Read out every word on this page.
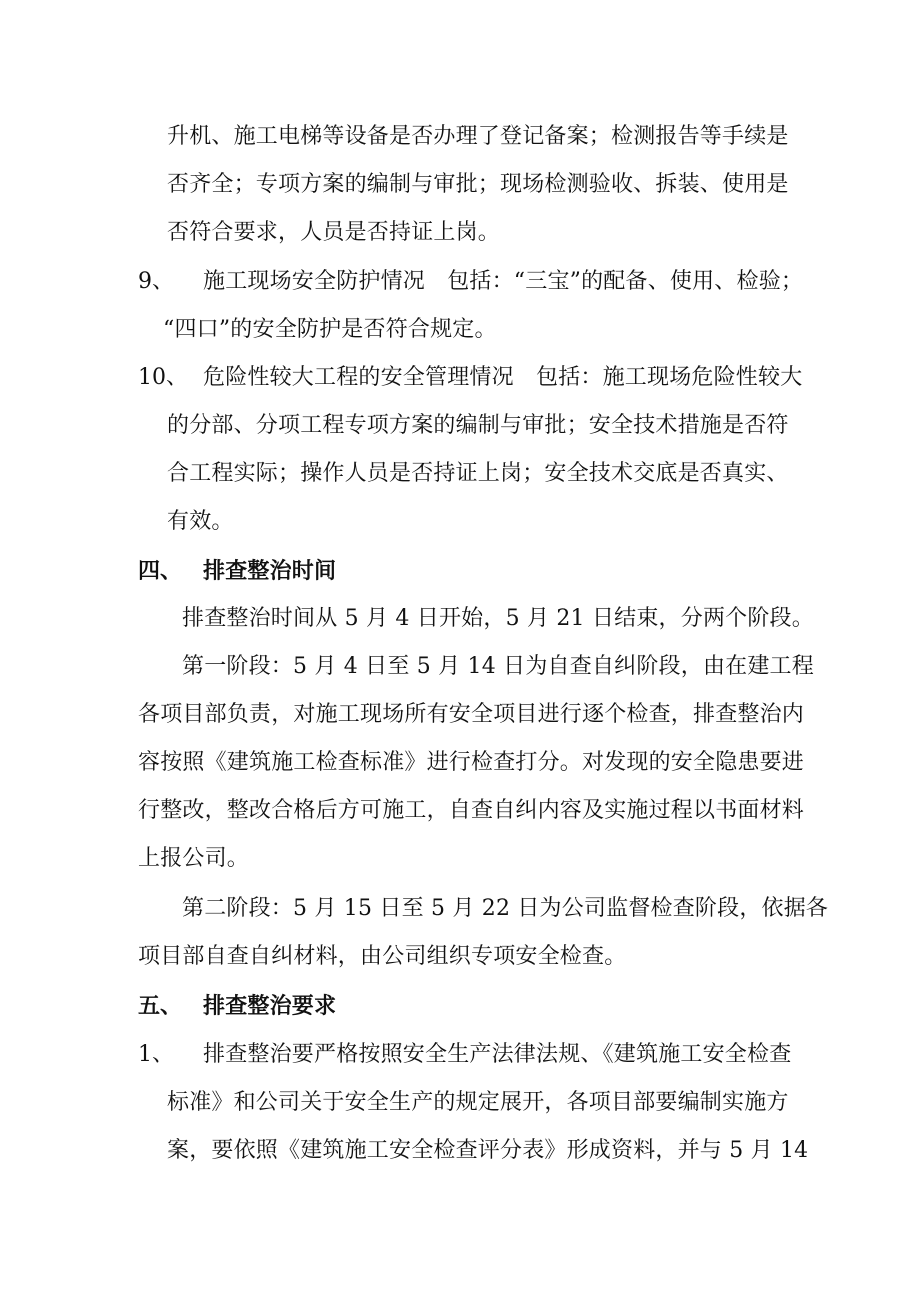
升机、施工电梯等设备是否办理了登记备案；检测报告等手续是
否齐全；专项方案的编制与审批；现场检测验收、拆装、使用是
否符合要求，人员是否持证上岗。
9、 施工现场安全防护情况　包括：“三宝”的配备、使用、检验；
“四口”的安全防护是否符合规定。
10、 危险性较大工程的安全管理情况　包括：施工现场危险性较大
的分部、分项工程专项方案的编制与审批；安全技术措施是否符
合工程实际；操作人员是否持证上岗；安全技术交底是否真实、
有效。
四、 排查整治时间
排查整治时间从 5 月 4 日开始，5 月 21 日结束，分两个阶段。
第一阶段：5 月 4 日至 5 月 14 日为自查自纠阶段，由在建工程
各项目部负责，对施工现场所有安全项目进行逐个检查，排查整治内
容按照《建筑施工检查标准》进行检查打分。对发现的安全隐患要进
行整改，整改合格后方可施工，自查自纠内容及实施过程以书面材料
上报公司。
第二阶段：5 月 15 日至 5 月 22 日为公司监督检查阶段，依据各
项目部自查自纠材料，由公司组织专项安全检查。
五、 排查整治要求
1、 排查整治要严格按照安全生产法律法规、《建筑施工安全检查
标准》和公司关于安全生产的规定展开，各项目部要编制实施方
案，要依照《建筑施工安全检查评分表》形成资料，并与 5 月 14
